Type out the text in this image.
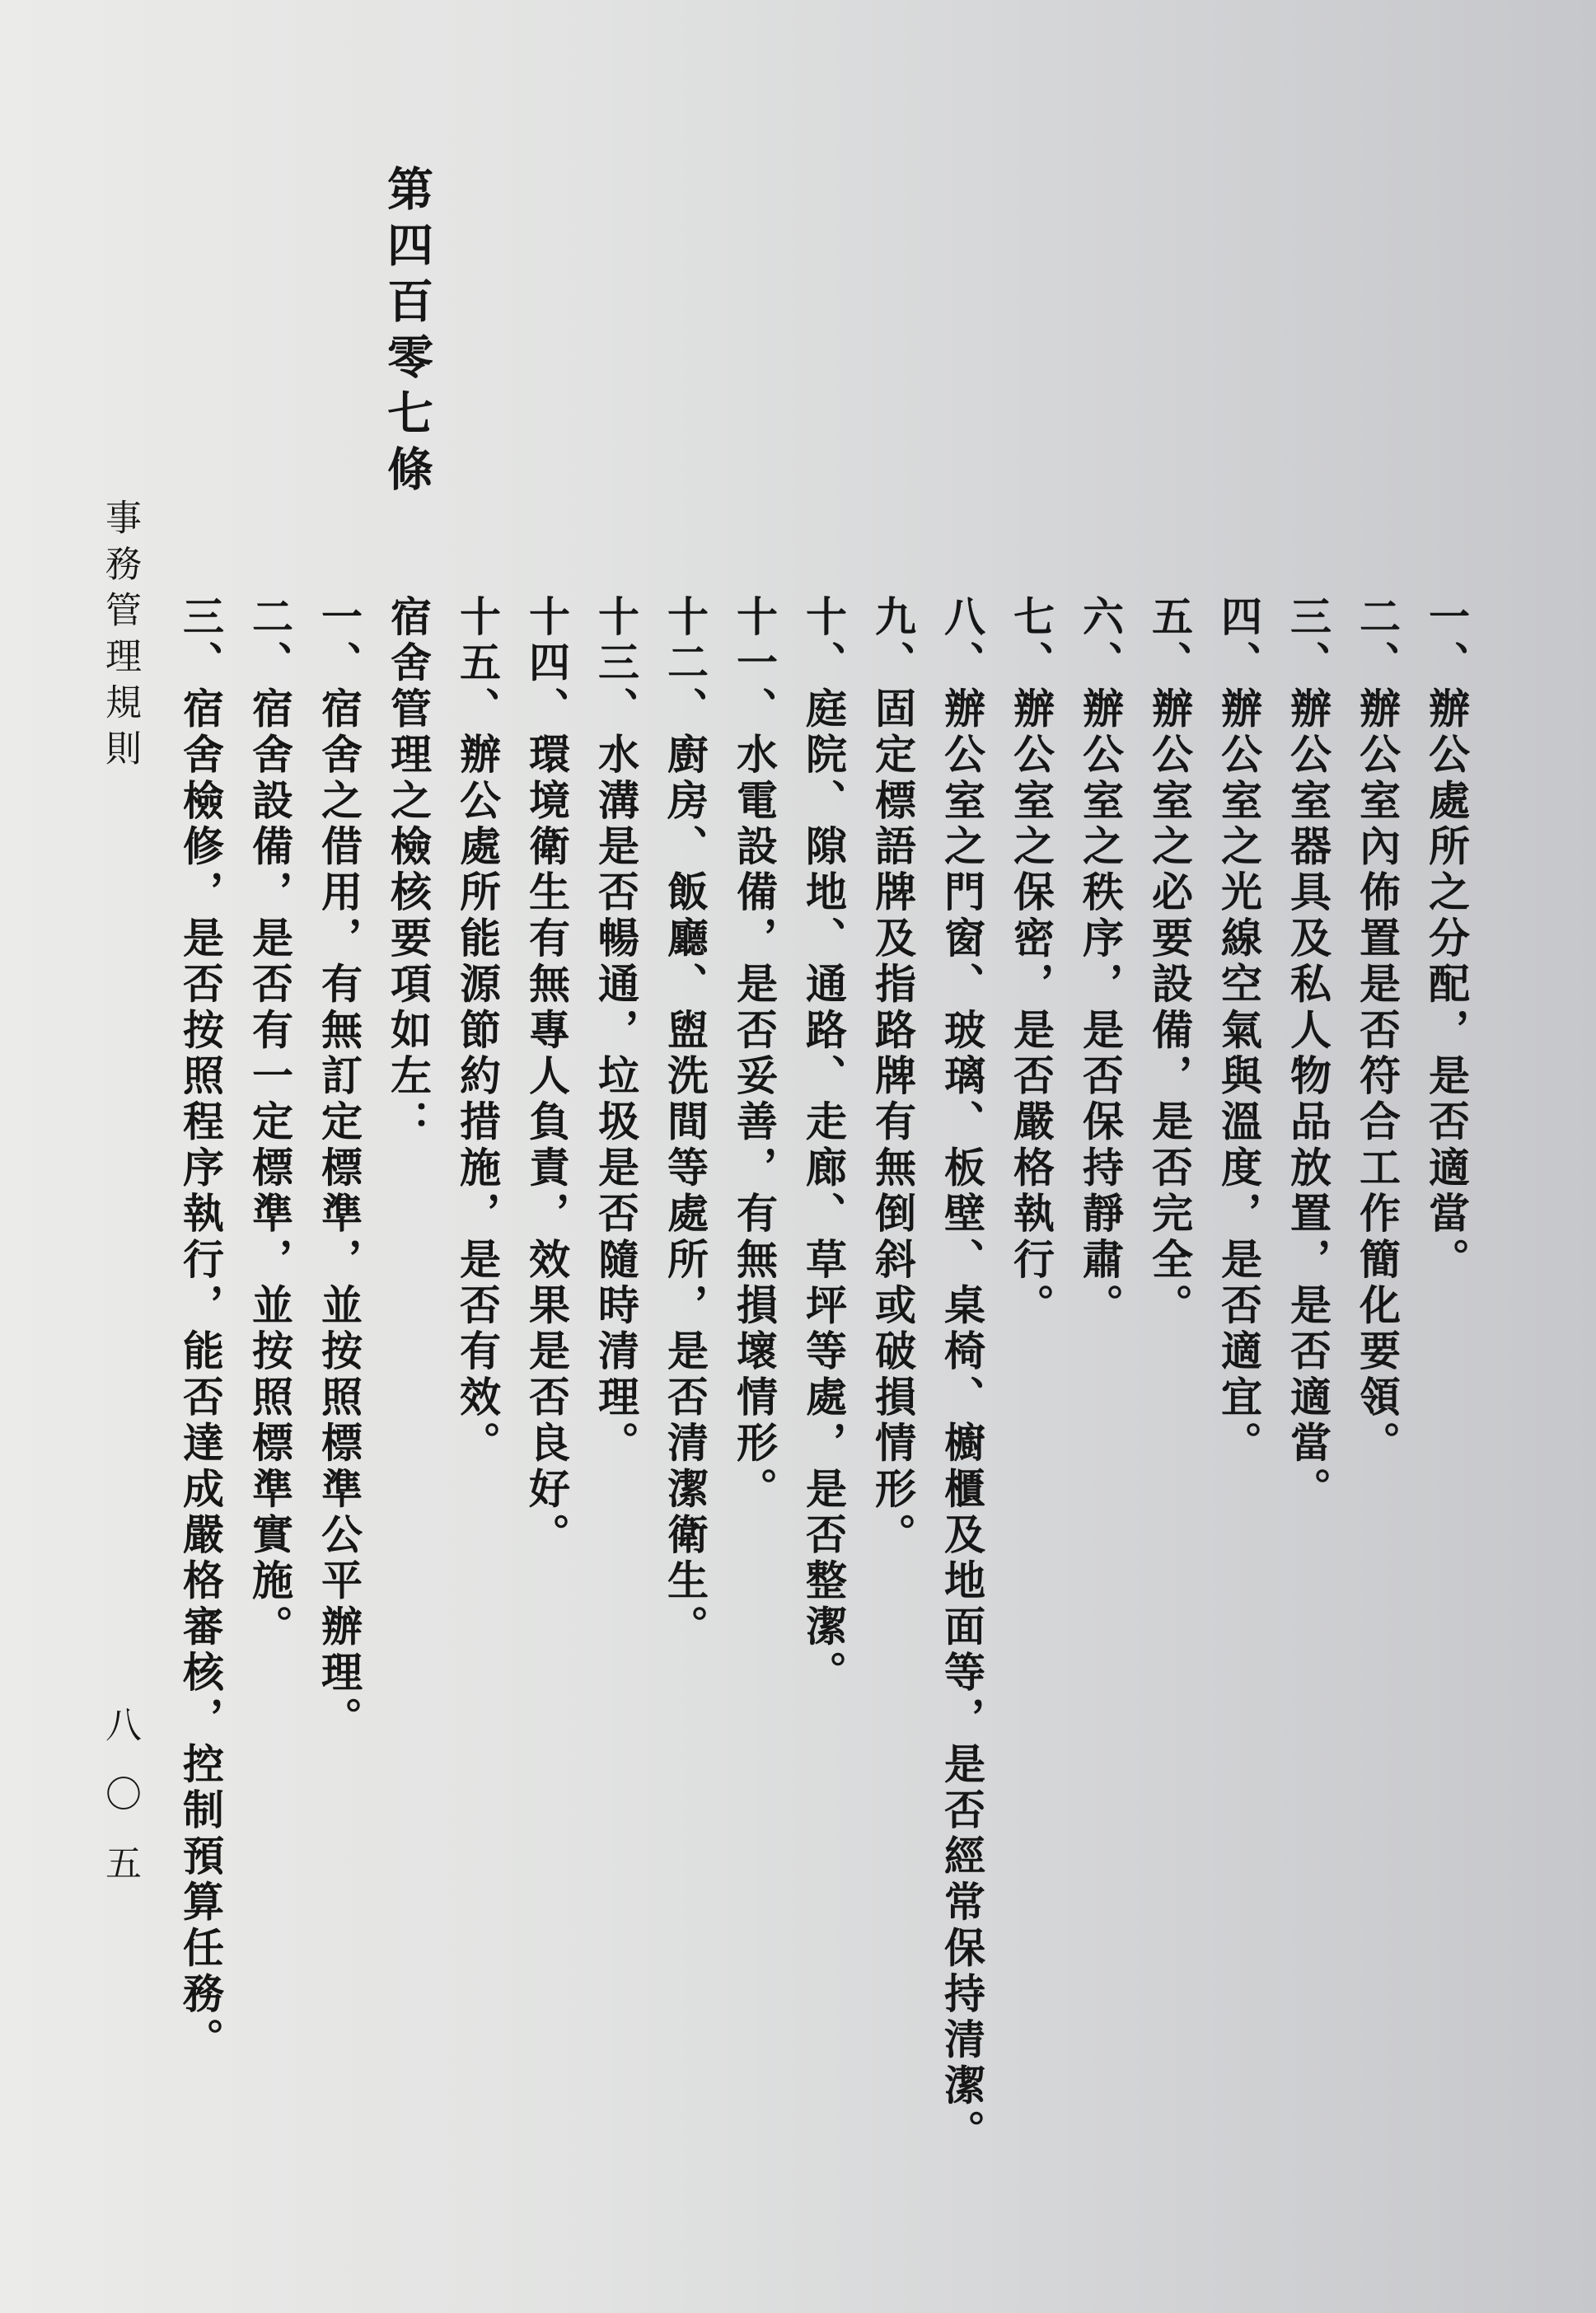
第四百零七條
一、辦公處所之分配，是否適當。
二、辦公室內佈置是否符合工作簡化要領。
三、辦公室器具及私人物品放置，是否適當。
四、辦公室之光線空氣與溫度，是否適宜。
五、辦公室之必要設備，是否完全。
六、辦公室之秩序，是否保持靜肅。
七、辦公室之保密，是否嚴格執行。
八、辦公室之門窗、玻璃、板壁、桌椅、櫥櫃及地面等，是否經常保持清潔。
九、固定標語牌及指路牌有無倒斜或破損情形。
十、庭院、隙地、通路、走廊、草坪等處，是否整潔。
十一、水電設備，是否妥善，有無損壞情形。
十二、廚房、飯廳、盥洗間等處所，是否清潔衛生。
十三、水溝是否暢通，垃圾是否隨時清理。
十四、環境衛生有無專人負責，效果是否良好。
十五、辦公處所能源節約措施，是否有效。
宿舍管理之檢核要項如左：
一、宿舍之借用，有無訂定標準，並按照標準公平辦理。
二、宿舍設備，是否有一定標準，並按照標準實施。
三、宿舍檢修，是否按照程序執行，能否達成嚴格審核，控制預算任務。
事務管理規則
八〇五
